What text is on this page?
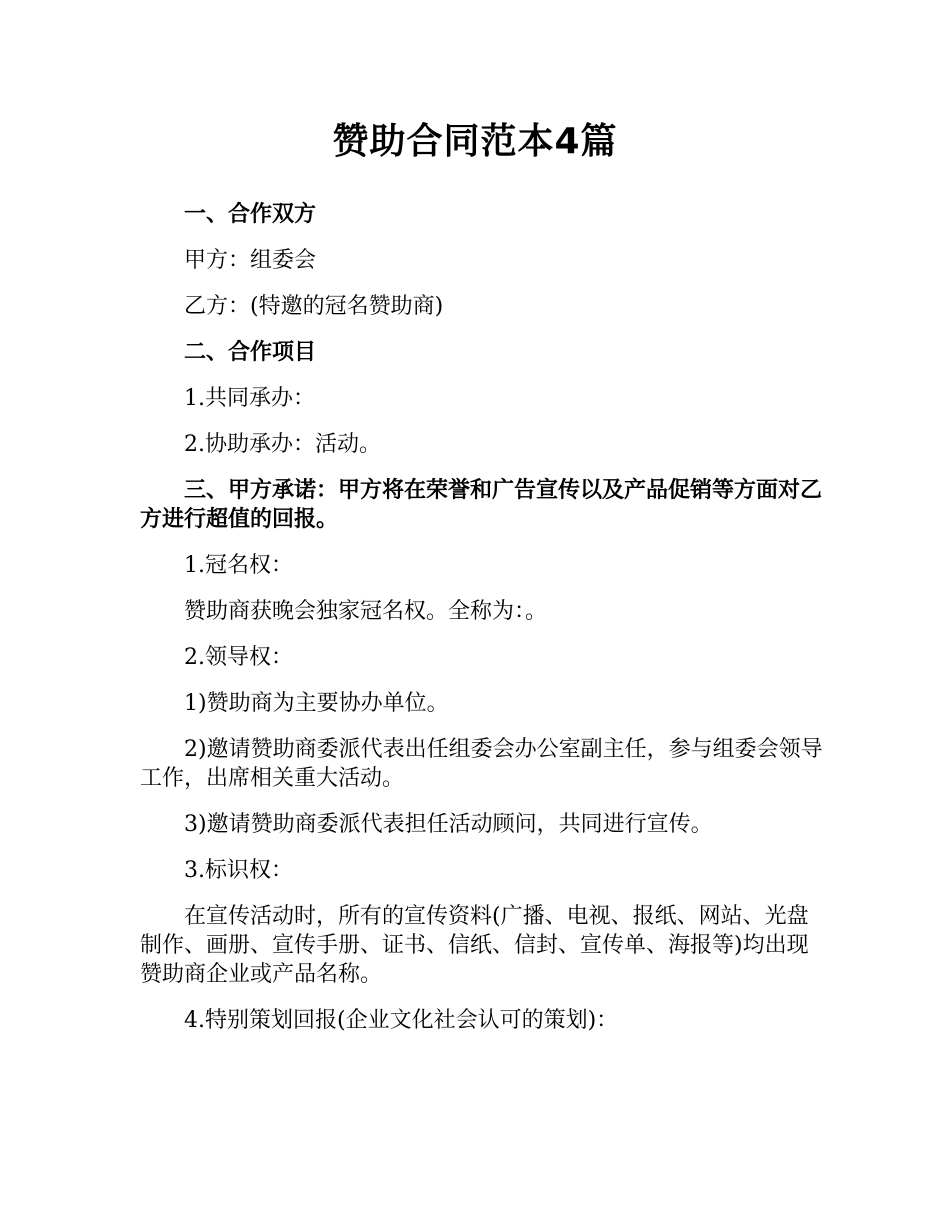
赞助合同范本4篇

一、合作双方

甲方：组委会

乙方：(特邀的冠名赞助商)

二、合作项目

1.共同承办：

2.协助承办：活动。

三、甲方承诺：甲方将在荣誉和广告宣传以及产品促销等方面对乙方进行超值的回报。

1.冠名权：

赞助商获晚会独家冠名权。全称为：。

2.领导权：

1)赞助商为主要协办单位。

2)邀请赞助商委派代表出任组委会办公室副主任，参与组委会领导工作，出席相关重大活动。

3)邀请赞助商委派代表担任活动顾问，共同进行宣传。

3.标识权：

在宣传活动时，所有的宣传资料(广播、电视、报纸、网站、光盘制作、画册、宣传手册、证书、信纸、信封、宣传单、海报等)均出现赞助商企业或产品名称。

4.特别策划回报(企业文化社会认可的策划)：
